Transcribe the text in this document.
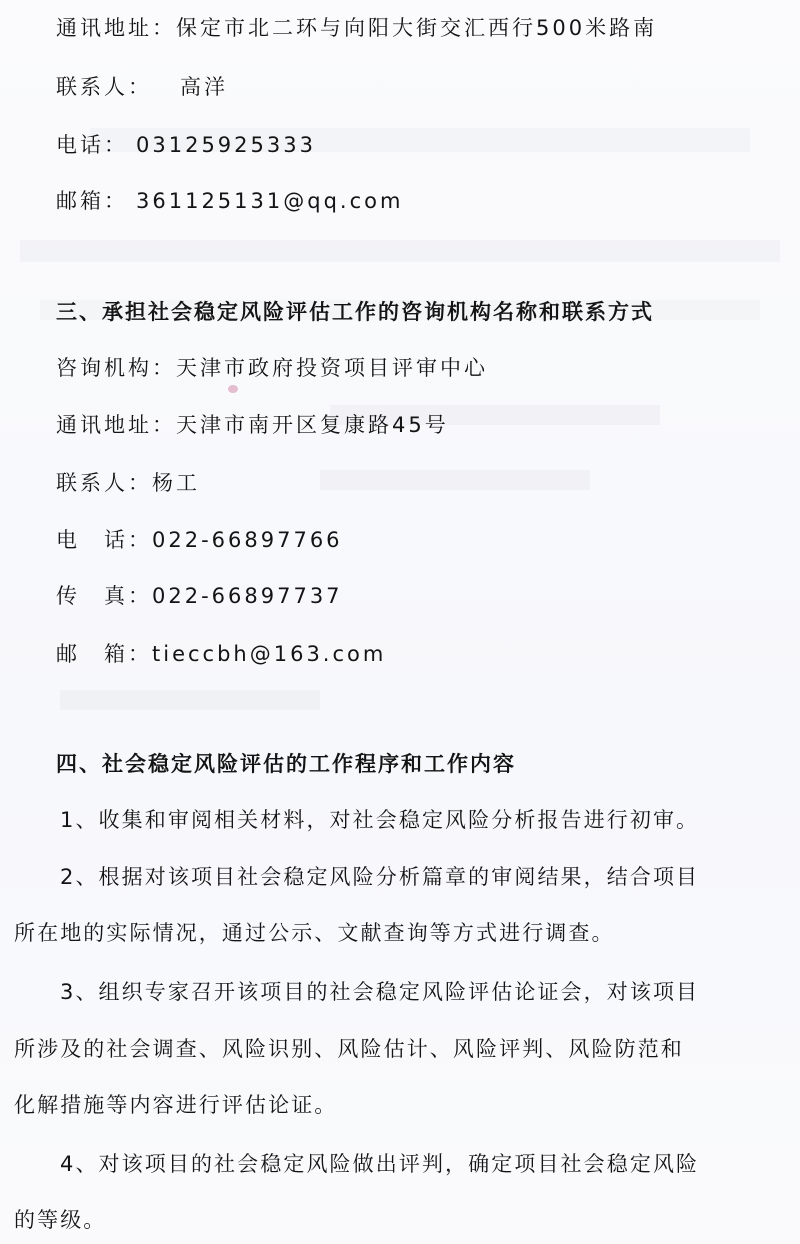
通讯地址：保定市北二环与向阳大街交汇西行500米路南
联系人： 高洋
电话： 03125925333
邮箱： 361125131@qq.com
三、承担社会稳定风险评估工作的咨询机构名称和联系方式
咨询机构：天津市政府投资项目评审中心
通讯地址：天津市南开区复康路45号
联系人：杨工
电　话：022-66897766
传　真：022-66897737
邮　箱：tieccbh@163.com
四、社会稳定风险评估的工作程序和工作内容
1、收集和审阅相关材料，对社会稳定风险分析报告进行初审。
2、根据对该项目社会稳定风险分析篇章的审阅结果，结合项目
所在地的实际情况，通过公示、文献查询等方式进行调查。
3、组织专家召开该项目的社会稳定风险评估论证会，对该项目
所涉及的社会调查、风险识别、风险估计、风险评判、风险防范和
化解措施等内容进行评估论证。
4、对该项目的社会稳定风险做出评判，确定项目社会稳定风险
的等级。
